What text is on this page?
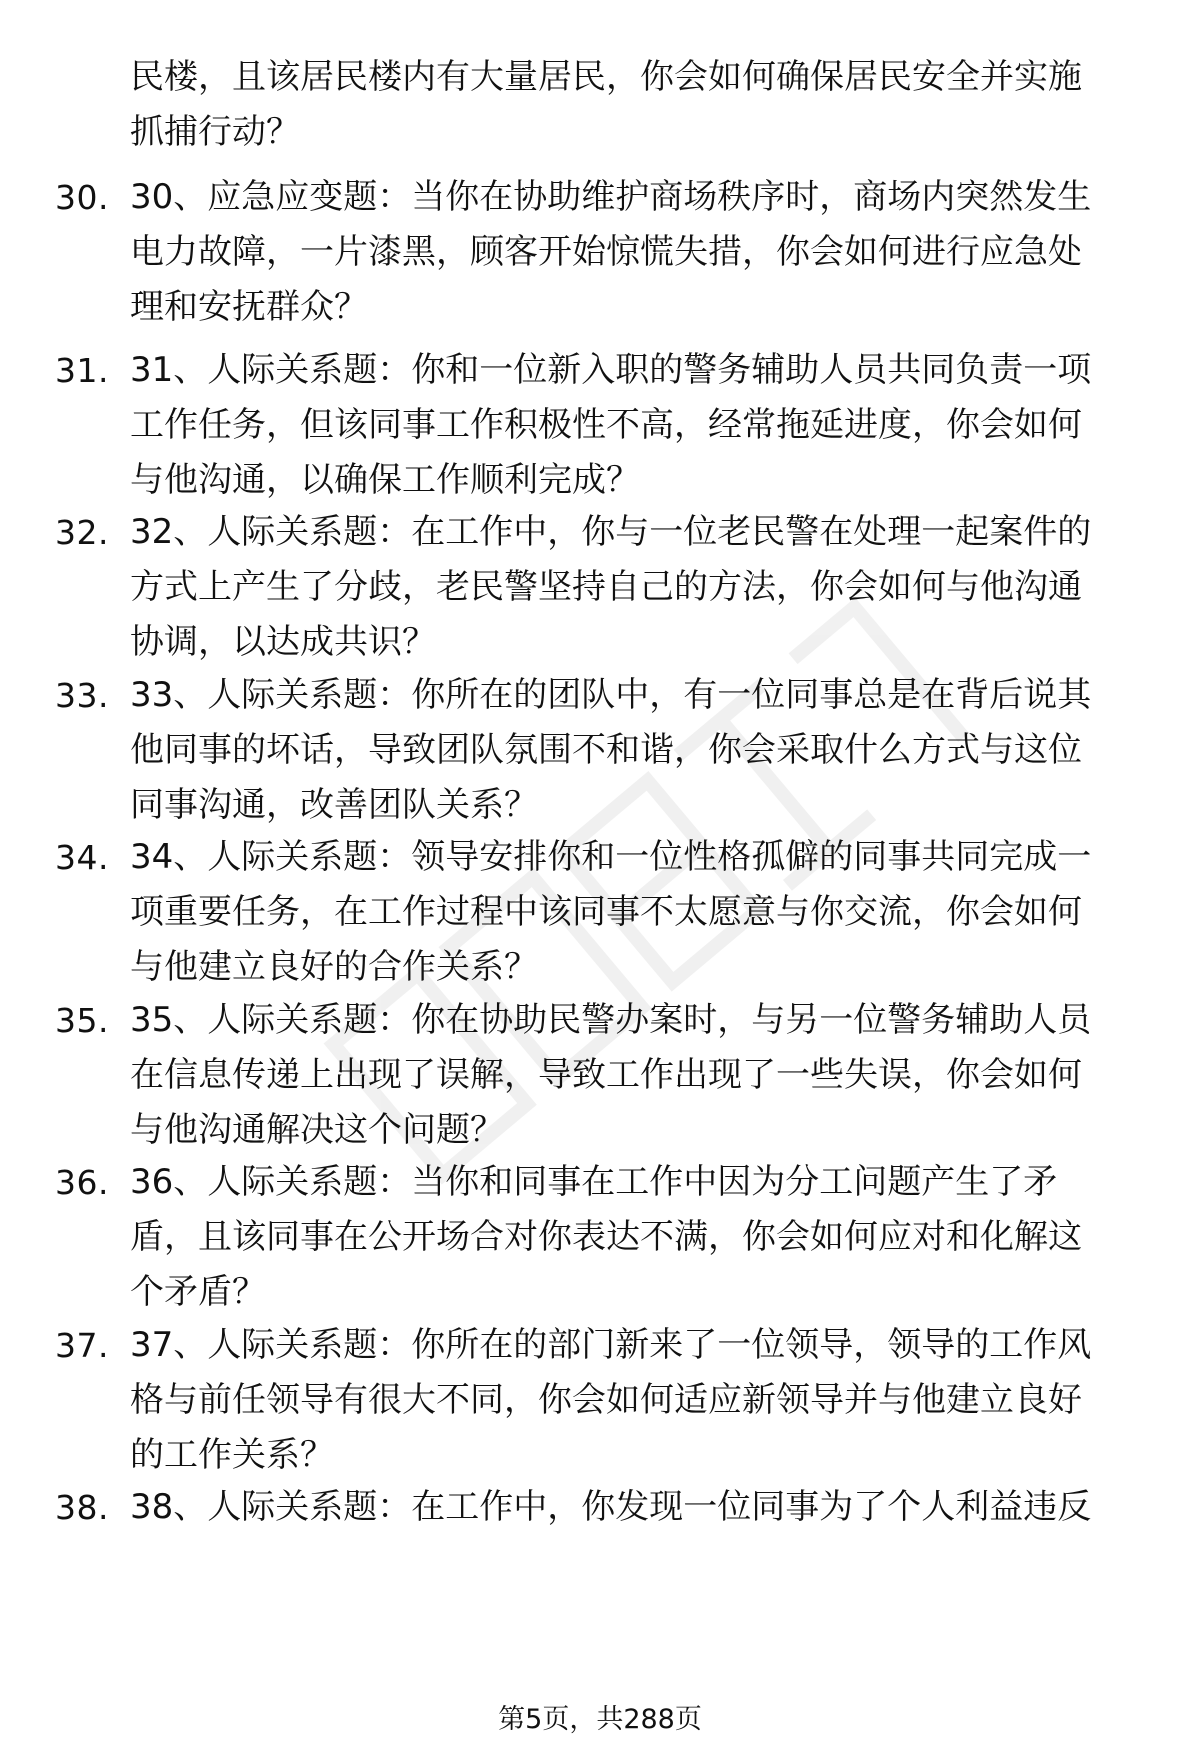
民楼，且该居民楼内有大量居民，你会如何确保居民安全并实施
抓捕行动？
30. 30、应急应变题：当你在协助维护商场秩序时，商场内突然发生
电力故障，一片漆黑，顾客开始惊慌失措，你会如何进行应急处
理和安抚群众？
31. 31、人际关系题：你和一位新入职的警务辅助人员共同负责一项
工作任务，但该同事工作积极性不高，经常拖延进度，你会如何
与他沟通，以确保工作顺利完成？
32. 32、人际关系题：在工作中，你与一位老民警在处理一起案件的
方式上产生了分歧，老民警坚持自己的方法，你会如何与他沟通
协调，以达成共识？
33. 33、人际关系题：你所在的团队中，有一位同事总是在背后说其
他同事的坏话，导致团队氛围不和谐，你会采取什么方式与这位
同事沟通，改善团队关系？
34. 34、人际关系题：领导安排你和一位性格孤僻的同事共同完成一
项重要任务，在工作过程中该同事不太愿意与你交流，你会如何
与他建立良好的合作关系？
35. 35、人际关系题：你在协助民警办案时，与另一位警务辅助人员
在信息传递上出现了误解，导致工作出现了一些失误，你会如何
与他沟通解决这个问题？
36. 36、人际关系题：当你和同事在工作中因为分工问题产生了矛
盾，且该同事在公开场合对你表达不满，你会如何应对和化解这
个矛盾？
37. 37、人际关系题：你所在的部门新来了一位领导，领导的工作风
格与前任领导有很大不同，你会如何适应新领导并与他建立良好
的工作关系？
38. 38、人际关系题：在工作中，你发现一位同事为了个人利益违反
第5页，共288页
